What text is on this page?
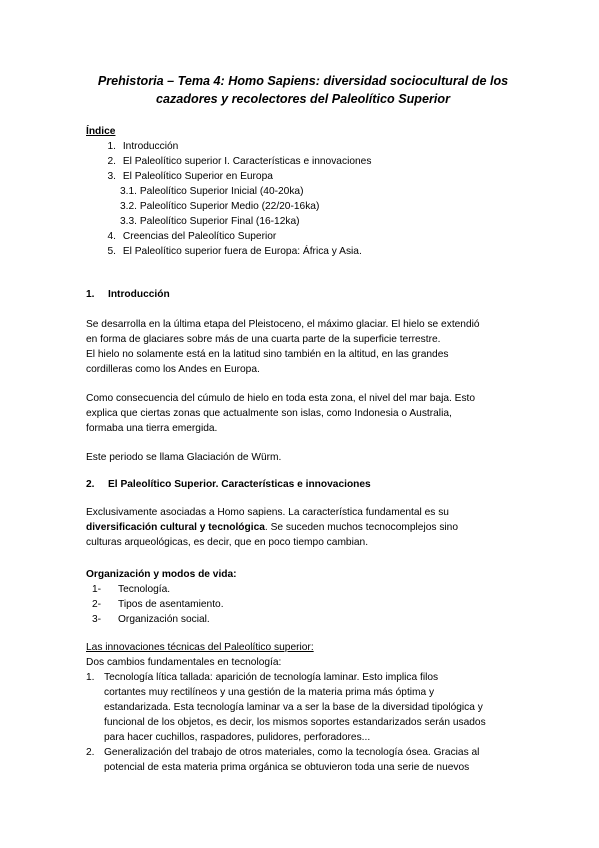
Prehistoria – Tema 4: Homo Sapiens: diversidad sociocultural de los cazadores y recolectores del Paleolítico Superior
Índice
1. Introducción
2. El Paleolítico superior I. Características e innovaciones
3. El Paleolítico Superior en Europa
3.1. Paleolítico Superior Inicial (40-20ka)
3.2. Paleolítico Superior Medio (22/20-16ka)
3.3. Paleolítico Superior Final (16-12ka)
4. Creencias del Paleolítico Superior
5. El Paleolítico superior fuera de Europa: África y Asia.
1. Introducción
Se desarrolla en la última etapa del Pleistoceno, el máximo glaciar. El hielo se extendió
en forma de glaciares sobre más de una cuarta parte de la superficie terrestre.
El hielo no solamente está en la latitud sino también en la altitud, en las grandes
cordilleras como los Andes en Europa.
Como consecuencia del cúmulo de hielo en toda esta zona, el nivel del mar baja. Esto
explica que ciertas zonas que actualmente son islas, como Indonesia o Australia,
formaba una tierra emergida.
Este periodo se llama Glaciación de Würm.
2. El Paleolítico Superior. Características e innovaciones
Exclusivamente asociadas a Homo sapiens. La característica fundamental es su
diversificación cultural y tecnológica. Se suceden muchos tecnocomplejos sino
culturas arqueológicas, es decir, que en poco tiempo cambian.
Organización y modos de vida:
1- Tecnología.
2- Tipos de asentamiento.
3- Organización social.
Las innovaciones técnicas del Paleolítico superior:
Dos cambios fundamentales en tecnología:
1. Tecnología lítica tallada: aparición de tecnología laminar. Esto implica filos
cortantes muy rectilíneos y una gestión de la materia prima más óptima y
estandarizada. Esta tecnología laminar va a ser la base de la diversidad tipológica y
funcional de los objetos, es decir, los mismos soportes estandarizados serán usados
para hacer cuchillos, raspadores, pulidores, perforadores...
2. Generalización del trabajo de otros materiales, como la tecnología ósea. Gracias al
potencial de esta materia prima orgánica se obtuvieron toda una serie de nuevos
